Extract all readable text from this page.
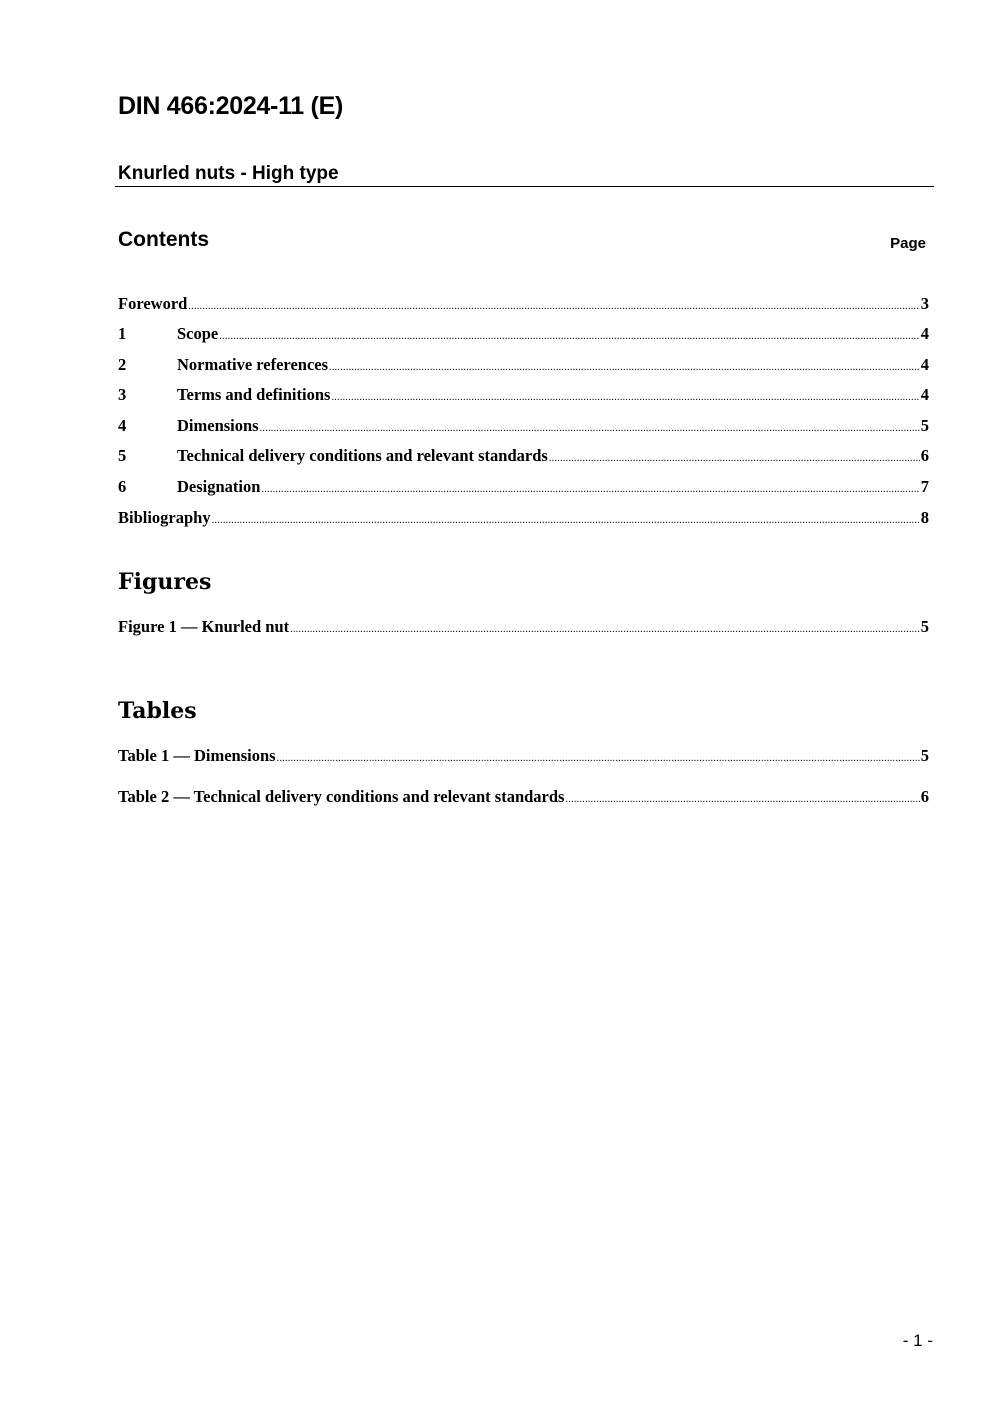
DIN 466:2024-11 (E)
Knurled nuts - High type
Contents	Page
Foreword .....	3
1	Scope .....	4
2	Normative references .....	4
3	Terms and definitions .....	4
4	Dimensions .....	5
5	Technical delivery conditions and relevant standards .....	6
6	Designation .....	7
Bibliography .....	8
Figures
Figure 1 — Knurled nut .....	5
Tables
Table 1 — Dimensions .....	5
Table 2 — Technical delivery conditions and relevant standards .....	6
- 1 -
